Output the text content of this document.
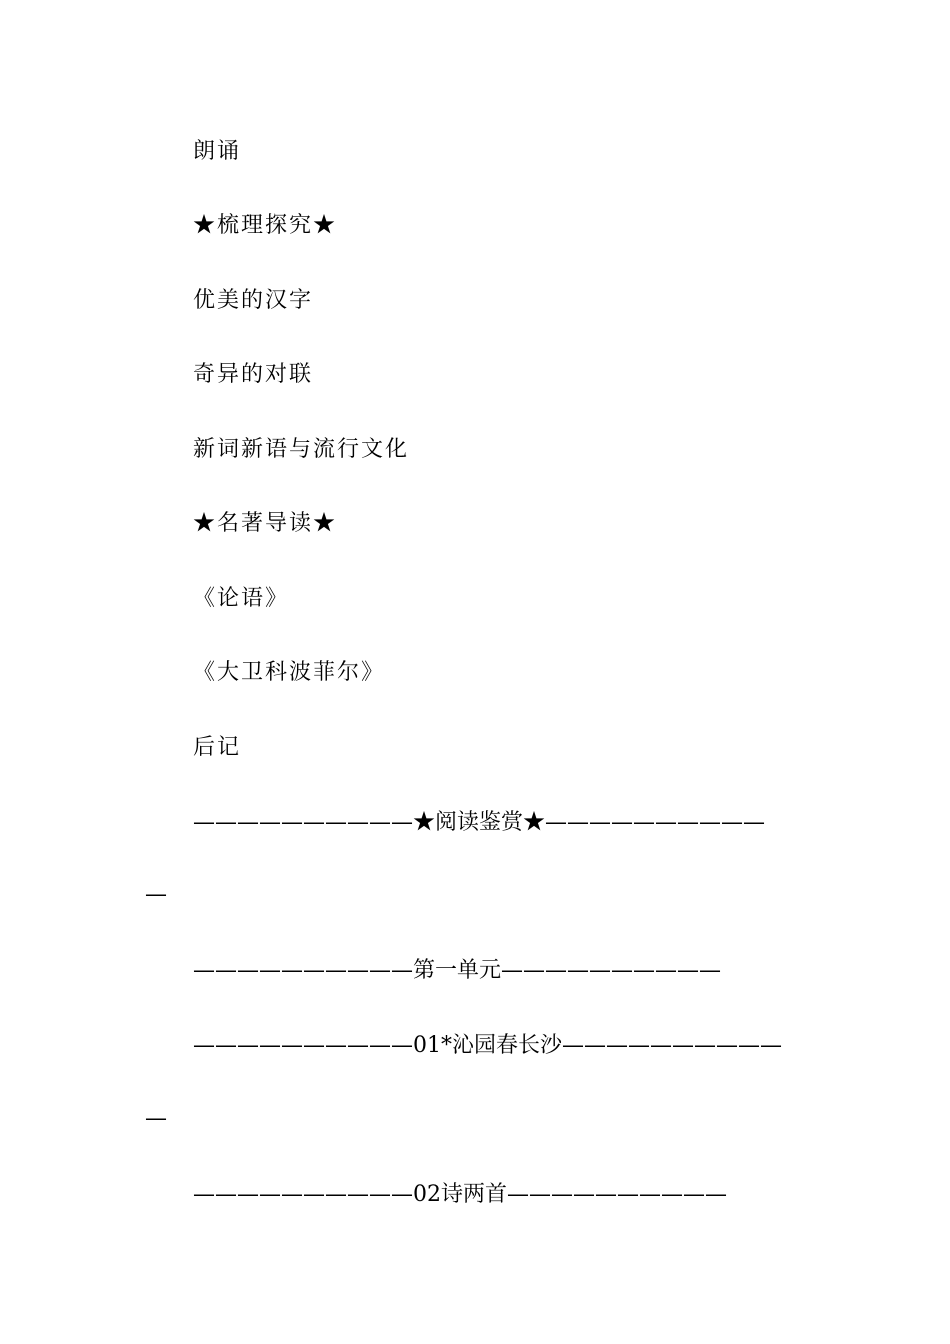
朗诵
★梳理探究★
优美的汉字
奇异的对联
新词新语与流行文化
★名著导读★
《论语》
《大卫科波菲尔》
后记
——————————★阅读鉴赏★——————————
—
——————————第一单元——————————
——————————01*沁园春长沙——————————
—
——————————02诗两首——————————
